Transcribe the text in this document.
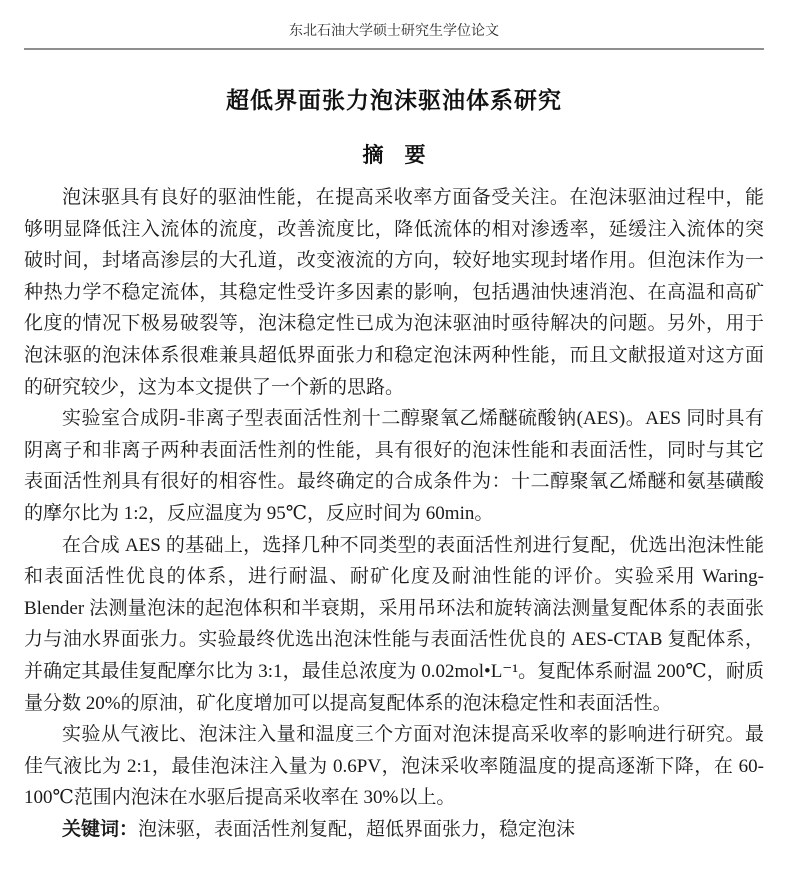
东北石油大学硕士研究生学位论文
超低界面张力泡沫驱油体系研究
摘　要

泡沫驱具有良好的驱油性能，在提高采收率方面备受关注。在泡沫驱油过程中，能够明显降低注入流体的流度，改善流度比，降低流体的相对渗透率，延缓注入流体的突破时间，封堵高渗层的大孔道，改变液流的方向，较好地实现封堵作用。但泡沫作为一种热力学不稳定流体，其稳定性受许多因素的影响，包括遇油快速消泡、在高温和高矿化度的情况下极易破裂等，泡沫稳定性已成为泡沫驱油时亟待解决的问题。另外，用于泡沫驱的泡沫体系很难兼具超低界面张力和稳定泡沫两种性能，而且文献报道对这方面的研究较少，这为本文提供了一个新的思路。

实验室合成阴-非离子型表面活性剂十二醇聚氧乙烯醚硫酸钠(AES)。AES 同时具有阴离子和非离子两种表面活性剂的性能，具有很好的泡沫性能和表面活性，同时与其它表面活性剂具有很好的相容性。最终确定的合成条件为：十二醇聚氧乙烯醚和氨基磺酸的摩尔比为 1:2，反应温度为 95℃，反应时间为 60min。

在合成 AES 的基础上，选择几种不同类型的表面活性剂进行复配，优选出泡沫性能和表面活性优良的体系，进行耐温、耐矿化度及耐油性能的评价。实验采用 Waring-Blender 法测量泡沫的起泡体积和半衰期，采用吊环法和旋转滴法测量复配体系的表面张力与油水界面张力。实验最终优选出泡沫性能与表面活性优良的 AES-CTAB 复配体系，并确定其最佳复配摩尔比为 3:1，最佳总浓度为 0.02mol•L⁻¹。复配体系耐温 200℃，耐质量分数 20%的原油，矿化度增加可以提高复配体系的泡沫稳定性和表面活性。

实验从气液比、泡沫注入量和温度三个方面对泡沫提高采收率的影响进行研究。最佳气液比为 2:1，最佳泡沫注入量为 0.6PV，泡沫采收率随温度的提高逐渐下降，在 60-100℃范围内泡沫在水驱后提高采收率在 30%以上。

关键词：泡沫驱，表面活性剂复配，超低界面张力，稳定泡沫
